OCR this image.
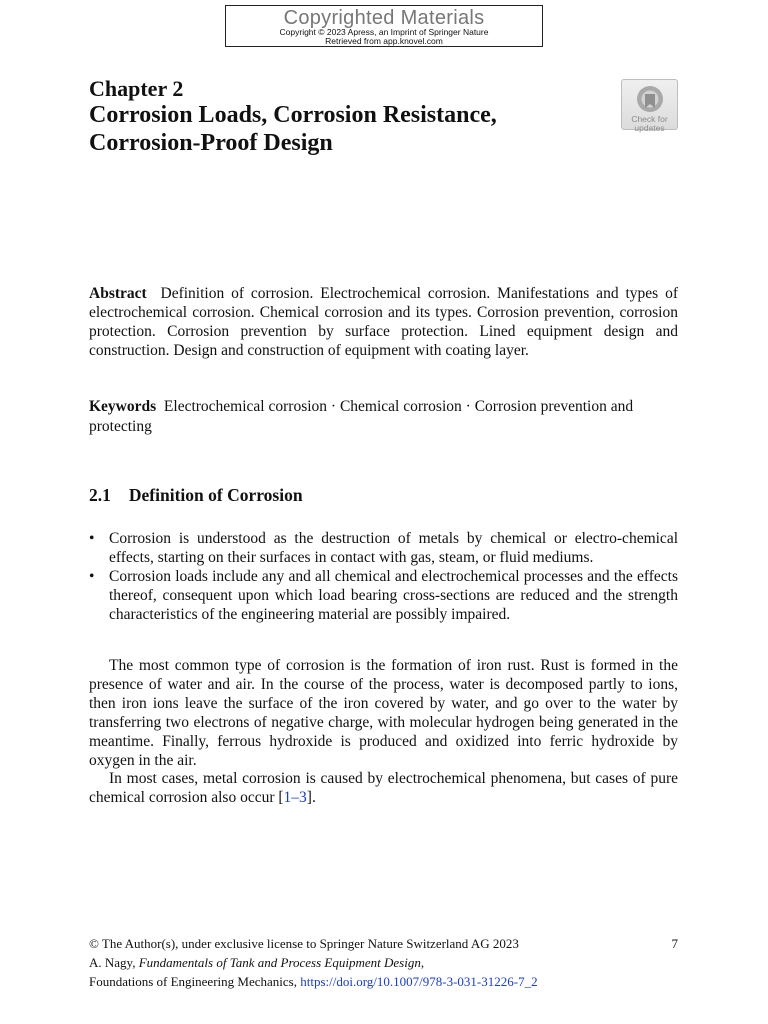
Copyrighted Materials
Copyright © 2023 Apress, an Imprint of Springer Nature
Retrieved from app.knovel.com
Chapter 2
Corrosion Loads, Corrosion Resistance,
Corrosion-Proof Design
Check for
updates
Abstract Definition of corrosion. Electrochemical corrosion. Manifestations and types of electrochemical corrosion. Chemical corrosion and its types. Corrosion prevention, corrosion protection. Corrosion prevention by surface protection. Lined equipment design and construction. Design and construction of equipment with coating layer.
Keywords Electrochemical corrosion · Chemical corrosion · Corrosion prevention and protecting
2.1 Definition of Corrosion
• Corrosion is understood as the destruction of metals by chemical or electro-chemical effects, starting on their surfaces in contact with gas, steam, or fluid mediums.
• Corrosion loads include any and all chemical and electrochemical processes and the effects thereof, consequent upon which load bearing cross-sections are reduced and the strength characteristics of the engineering material are possibly impaired.

The most common type of corrosion is the formation of iron rust. Rust is formed in the presence of water and air. In the course of the process, water is decomposed partly to ions, then iron ions leave the surface of the iron covered by water, and go over to the water by transferring two electrons of negative charge, with molecular hydrogen being generated in the meantime. Finally, ferrous hydroxide is produced and oxidized into ferric hydroxide by oxygen in the air.

In most cases, metal corrosion is caused by electrochemical phenomena, but cases of pure chemical corrosion also occur [1–3].

© The Author(s), under exclusive license to Springer Nature Switzerland AG 2023	7
A. Nagy, Fundamentals of Tank and Process Equipment Design,
Foundations of Engineering Mechanics, https://doi.org/10.1007/978-3-031-31226-7_2
